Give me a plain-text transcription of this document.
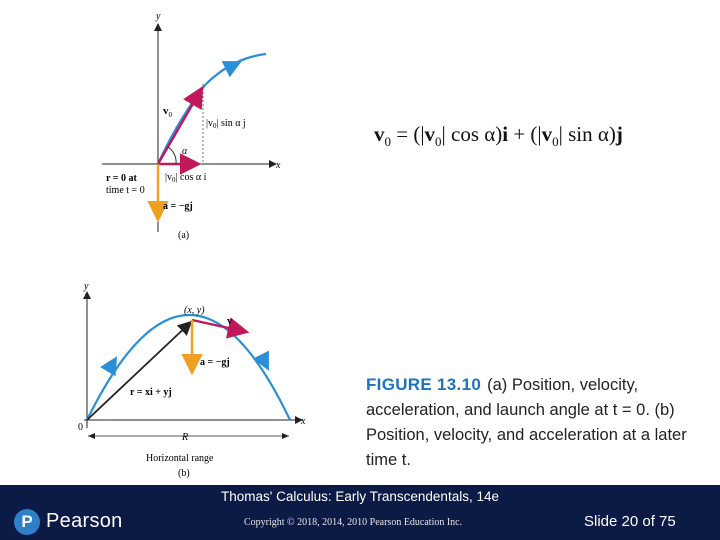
y
x
α
$v_0$
$|v_0|$ sin α j
$|v_0|$ cos α i
r = 0 at
time t = 0
a = −gj
(a)
y
x
0
(x, y)
v
a = −gj
r = xi + yj
R
Horizontal range
(b)
$v_0 = (|v_0|$ $\cos \alpha)i + (|v_0|$ sin α)j
FIGURE 13.10 (a) Position, velocity, acceleration, and launch angle at t = 0. (b) Position, velocity, and acceleration at a later time t.
Thomas' Calculus: Early Transcendentals, 14e
P Pearson	Copyright © 2018, 2014, 2010 Pearson Education Inc.	Slide 20 of 75
